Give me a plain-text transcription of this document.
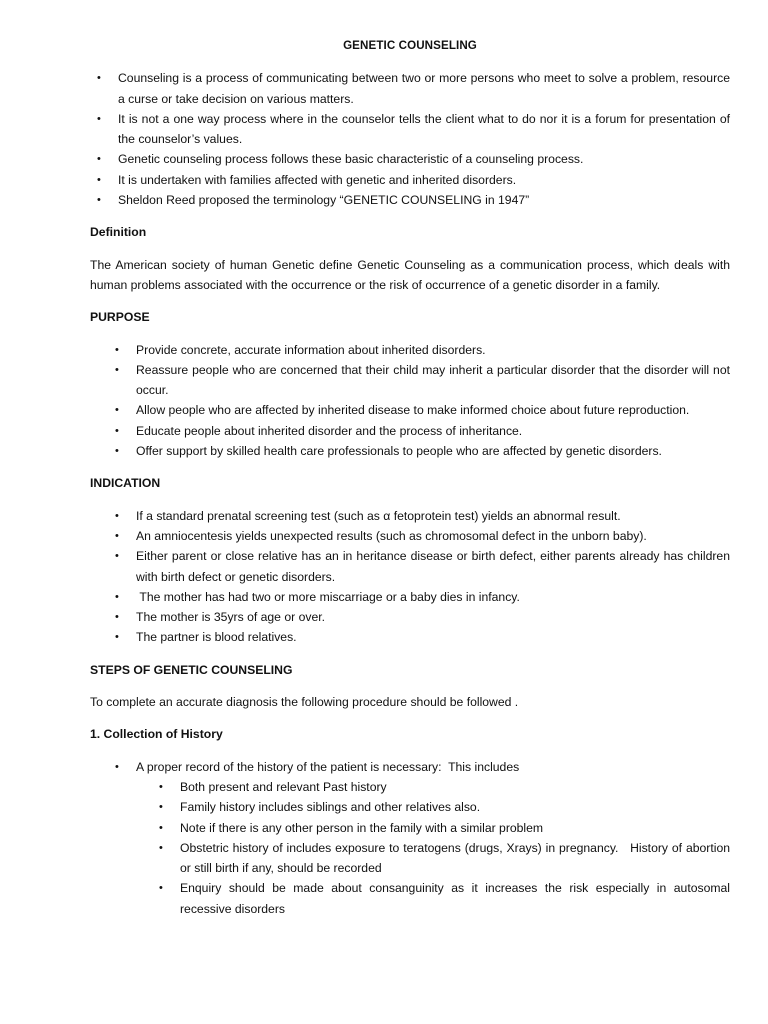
GENETIC COUNSELING
• Counseling is a process of communicating between two or more persons who meet to solve a problem, resource a curse or take decision on various matters.
• It is not a one way process where in the counselor tells the client what to do nor it is a forum for presentation of the counselor’s values.
• Genetic counseling process follows these basic characteristic of a counseling process.
• It is undertaken with families affected with genetic and inherited disorders.
• Sheldon Reed proposed the terminology “GENETIC COUNSELING in 1947”
Definition
The American society of human Genetic define Genetic Counseling as a communication process, which deals with human problems associated with the occurrence or the risk of occurrence of a genetic disorder in a family.
PURPOSE
• Provide concrete, accurate information about inherited disorders.
• Reassure people who are concerned that their child may inherit a particular disorder that the disorder will not occur.
• Allow people who are affected by inherited disease to make informed choice about future reproduction.
• Educate people about inherited disorder and the process of inheritance.
• Offer support by skilled health care professionals to people who are affected by genetic disorders.
INDICATION
• If a standard prenatal screening test (such as α fetoprotein test) yields an abnormal result.
• An amniocentesis yields unexpected results (such as chromosomal defect in the unborn baby).
• Either parent or close relative has an in heritance disease or birth defect, either parents already has children with birth defect or genetic disorders.
• The mother has had two or more miscarriage or a baby dies in infancy.
• The mother is 35yrs of age or over.
• The partner is blood relatives.
STEPS OF GENETIC COUNSELING
To complete an accurate diagnosis the following procedure should be followed .
1. Collection of History
• A proper record of the history of the patient is necessary:  This includes
• Both present and relevant Past history
• Family history includes siblings and other relatives also.
• Note if there is any other person in the family with a similar problem
• Obstetric history of includes exposure to teratogens (drugs, Xrays) in pregnancy.   History of abortion or still birth if any, should be recorded
• Enquiry should be made about consanguinity as it increases the risk especially in autosomal recessive disorders
